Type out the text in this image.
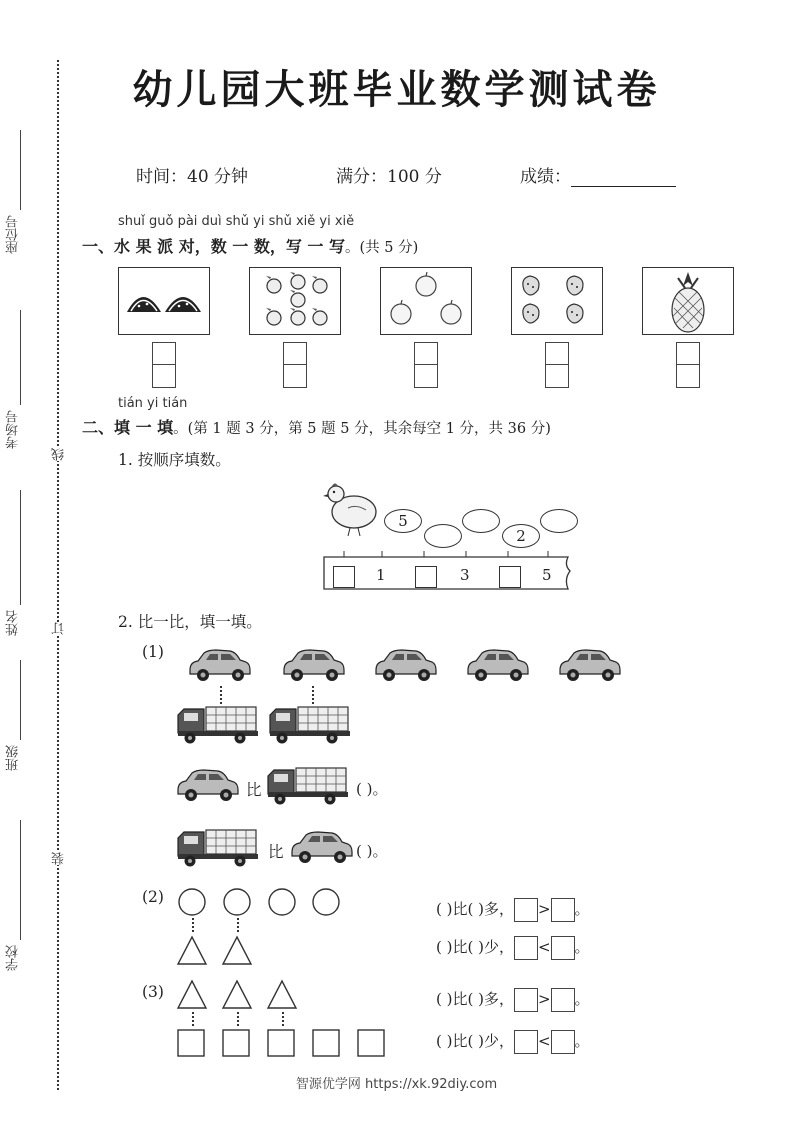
座位号
考场号
姓名
班级
学校
线
订
装
幼儿园大班毕业数学测试卷
时间：40 分钟	满分：100 分	成绩：
shuǐ guǒ pài duì shǔ yi shǔ xiě yi xiě
一、水 果 派 对，数 一 数，写 一 写。(共 5 分)
tián yi tián
二、填 一 填。(第 1 题 3 分，第 5 题 5 分，其余每空 1 分，共 36 分)
1. 按顺序填数。
5
2
1	3	5
2. 比一比，填一填。
(1)
比	( )。
比	( )。
(2)
( )比( )多， > 。
( )比( )少， < 。
(3)	( )比( )多， > 。
( )比( )少， < 。
智源优学网 https://xk.92diy.com
